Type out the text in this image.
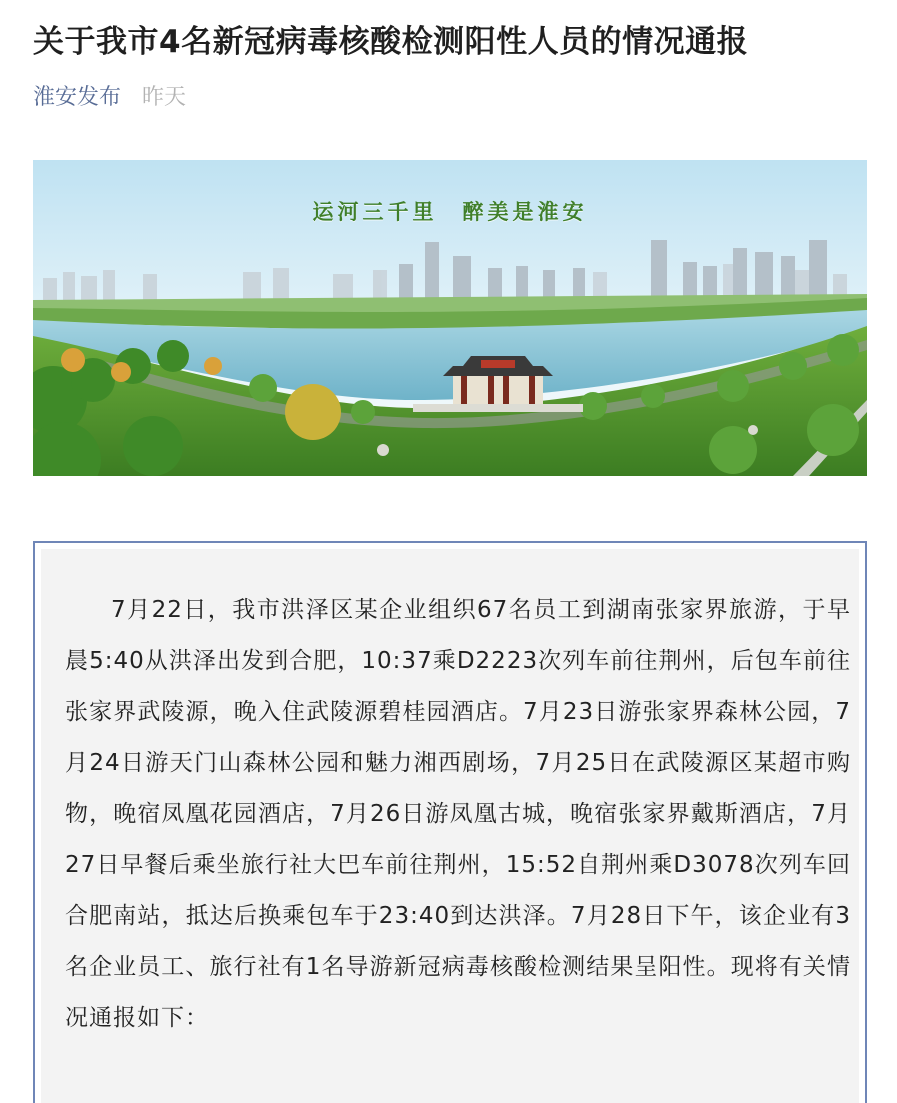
关于我市4名新冠病毒核酸检测阳性人员的情况通报
淮安发布 昨天
运河三千里　醉美是淮安

7月22日，我市洪泽区某企业组织67名员工到湖南张家界旅游，于早晨5:40从洪泽出发到合肥，10:37乘D2223次列车前往荆州，后包车前往张家界武陵源，晚入住武陵源碧桂园酒店。7月23日游张家界森林公园，7月24日游天门山森林公园和魅力湘西剧场，7月25日在武陵源区某超市购物，晚宿凤凰花园酒店，7月26日游凤凰古城，晚宿张家界戴斯酒店，7月27日早餐后乘坐旅行社大巴车前往荆州，15:52自荆州乘D3078次列车回合肥南站，抵达后换乘包车于23:40到达洪泽。7月28日下午，该企业有3名企业员工、旅行社有1名导游新冠病毒核酸检测结果呈阳性。现将有关情况通报如下：
